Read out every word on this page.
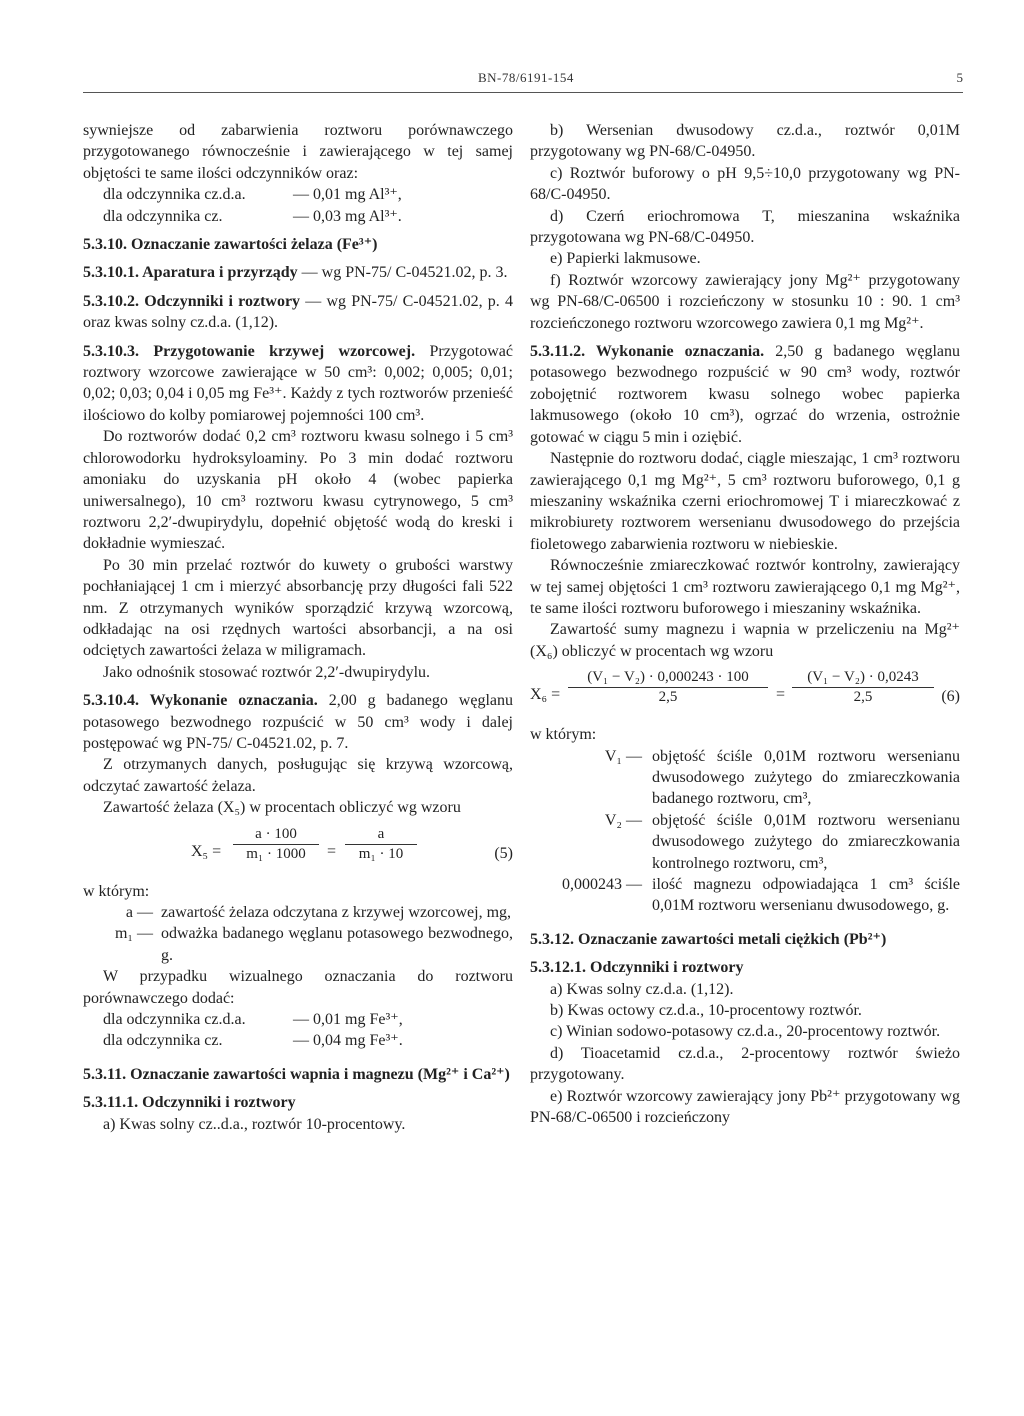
BN-78/6191-154	5

sywniejsze od zabarwienia roztworu porównawczego przygotowanego równocześnie i zawierającego w tej samej objętości te same ilości odczynników oraz:

dla odczynnika cz.d.a.	— 0,01 mg Al³⁺,
dla odczynnika cz.	— 0,03 mg Al³⁺.

5.3.10. Oznaczanie zawartości żelaza (Fe³⁺)

5.3.10.1. Aparatura i przyrządy — wg PN-75/ C-04521.02, p. 3.

5.3.10.2. Odczynniki i roztwory — wg PN-75/ C-04521.02, p. 4 oraz kwas solny cz.d.a. (1,12).

5.3.10.3. Przygotowanie krzywej wzorcowej. Przygotować roztwory wzorcowe zawierające w 50 cm³: 0,002; 0,005; 0,01; 0,02; 0,03; 0,04 i 0,05 mg Fe³⁺. Każdy z tych roztworów przenieść ilościowo do kolby pomiarowej pojemności 100 cm³.

Do roztworów dodać 0,2 cm³ roztworu kwasu solnego i 5 cm³ chlorowodorku hydroksyloaminy. Po 3 min dodać roztworu amoniaku do uzyskania pH około 4 (wobec papierka uniwersalnego), 10 cm³ roztworu kwasu cytrynowego, 5 cm³ roztworu 2,2′-dwupirydylu, dopełnić objętość wodą do kreski i dokładnie wymieszać.

Po 30 min przelać roztwór do kuwety o grubości warstwy pochłaniającej 1 cm i mierzyć absorbancję przy długości fali 522 nm. Z otrzymanych wyników sporządzić krzywą wzorcową, odkładając na osi rzędnych wartości absorbancji, a na osi odciętych zawartości żelaza w miligramach.

Jako odnośnik stosować roztwór 2,2′-dwupirydylu.

5.3.10.4. Wykonanie oznaczania. 2,00 g badanego węglanu potasowego bezwodnego rozpuścić w 50 cm³ wody i dalej postępować wg PN-75/ C-04521.02, p. 7.

Z otrzymanych danych, posługując się krzywą wzorcową, odczytać zawartość żelaza.

Zawartość żelaza (X₅) w procentach obliczyć wg wzoru

$X_5 = \frac{a \cdot 100}{\text{m₁ · 1000}} = \frac{a}{\text{m₁ · 10}}$	(5)

w którym:

a — zawartość żelaza odczytana z krzywej wzorcowej, mg,
m₁ — odważka badanego węglanu potasowego bezwodnego, g.

W przypadku wizualnego oznaczania do roztworu porównawczego dodać:

dla odczynnika cz.d.a.	— 0,01 mg Fe³⁺,
dla odczynnika cz.	— 0,04 mg Fe³⁺.

5.3.11. Oznaczanie zawartości wapnia i magnezu (Mg²⁺ i Ca²⁺)

5.3.11.1. Odczynniki i roztwory

a) Kwas solny cz..d.a., roztwór 10-procentowy.

b) Wersenian dwusodowy cz.d.a., roztwór 0,01M przygotowany wg PN-68/C-04950.

c) Roztwór buforowy o pH 9,5÷10,0 przygotowany wg PN-68/C-04950.

d) Czerń eriochromowa T, mieszanina wskaźnika przygotowana wg PN-68/C-04950.

e) Papierki lakmusowe.

f) Roztwór wzorcowy zawierający jony Mg²⁺ przygotowany wg PN-68/C-06500 i rozcieńczony w stosunku 10 : 90. 1 cm³ rozcieńczonego roztworu wzorcowego zawiera 0,1 mg Mg²⁺.

5.3.11.2. Wykonanie oznaczania. 2,50 g badanego węglanu potasowego bezwodnego rozpuścić w 90 cm³ wody, roztwór zobojętnić roztworem kwasu solnego wobec papierka lakmusowego (około 10 cm³), ogrzać do wrzenia, ostrożnie gotować w ciągu 5 min i oziębić.

Następnie do roztworu dodać, ciągle mieszając, 1 cm³ roztworu zawierającego 0,1 mg Mg²⁺, 5 cm³ roztworu buforowego, 0,1 g mieszaniny wskaźnika czerni eriochromowej T i miareczkować z mikrobiurety roztworem wersenianu dwusodowego do przejścia fioletowego zabarwienia roztworu w niebieskie.

Równocześnie zmiareczkować roztwór kontrolny, zawierający w tej samej objętości 1 cm³ roztworu zawierającego 0,1 mg Mg²⁺, te same ilości roztworu buforowego i mieszaniny wskaźnika.

Zawartość sumy magnezu i wapnia w przeliczeniu na Mg²⁺ (X₆) obliczyć w procentach wg wzoru

$X_6 = \frac{\text{(V₁ − V₂) · 0,000243 · 100}}{2,5} = \frac{\text{(V₁ − V₂) · 0,0243}}{2,5} (6)$

w którym:

V₁ — objętość ściśle 0,01M roztworu wersenianu dwusodowego zużytego do zmiareczkowania badanego roztworu, cm³,
V₂ — objętość ściśle 0,01M roztworu wersenianu dwusodowego zużytego do zmiareczkowania kontrolnego roztworu, cm³,
0,000243 — ilość magnezu odpowiadająca 1 cm³ ściśle 0,01M roztworu wersenianu dwusodowego, g.

5.3.12. Oznaczanie zawartości metali ciężkich (Pb²⁺)

5.3.12.1. Odczynniki i roztwory

a) Kwas solny cz.d.a. (1,12).

b) Kwas octowy cz.d.a., 10-procentowy roztwór.

c) Winian sodowo-potasowy cz.d.a., 20-procentowy roztwór.

d) Tioacetamid cz.d.a., 2-procentowy roztwór świeżo przygotowany.

e) Roztwór wzorcowy zawierający jony Pb²⁺ przygotowany wg PN-68/C-06500 i rozcieńczony
